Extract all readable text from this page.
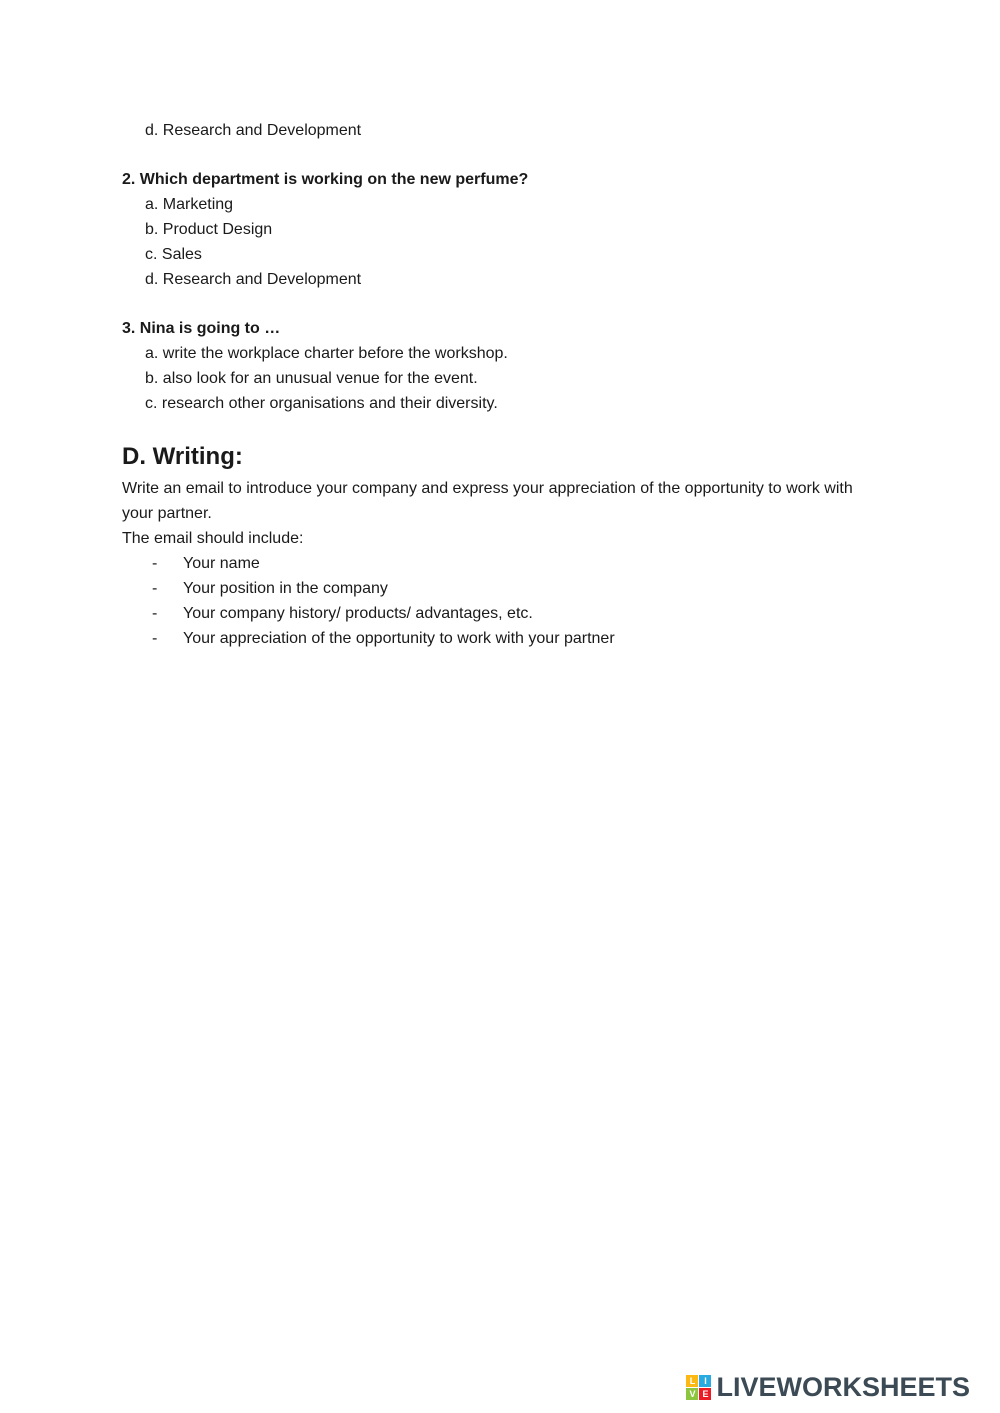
d. Research and Development
2. Which department is working on the new perfume?
a. Marketing
b. Product Design
c. Sales
d. Research and Development
3. Nina is going to …
a. write the workplace charter before the workshop.
b. also look for an unusual venue for the event.
c. research other organisations and their diversity.
D. Writing:

Write an email to introduce your company and express your appreciation of the opportunity to work with your partner.

The email should include:

-	Your name
-	Your position in the company
-	Your company history/ products/ advantages, etc.
-	Your appreciation of the opportunity to work with your partner
L I
V E LIVEWORKSHEETS
